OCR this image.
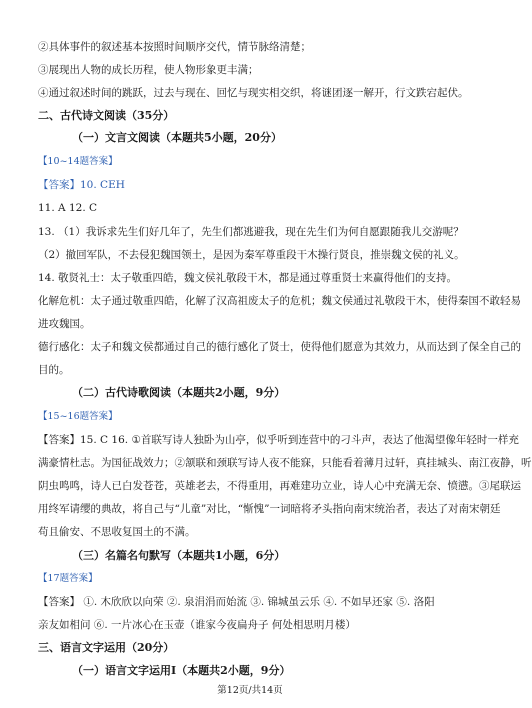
②具体事件的叙述基本按照时间顺序交代，情节脉络清楚；
③展现出人物的成长历程，使人物形象更丰满；
④通过叙述时间的跳跃，过去与现在、回忆与现实相交织，将谜团逐一解开，行文跌宕起伏。
二、古代诗文阅读（35分）
（一）文言文阅读（本题共5小题，20分）
【10~14题答案】
【答案】10. CEH
11. A 12. C
13. （1）我诉求先生们好几年了，先生们都逃避我，现在先生们为何自愿跟随我儿交游呢？
（2）撤回军队，不去侵犯魏国领土，是因为秦军尊重段干木操行贤良，推崇魏文侯的礼义。
14. 敬贤礼士：太子敬重四皓，魏文侯礼敬段干木，都是通过尊重贤士来赢得他们的支持。
化解危机：太子通过敬重四皓，化解了汉高祖废太子的危机；魏文侯通过礼敬段干木，使得秦国不敢轻易
进攻魏国。
德行感化：太子和魏文侯都通过自己的德行感化了贤士，使得他们愿意为其效力，从而达到了保全自己的
目的。
（二）古代诗歌阅读（本题共2小题，9分）
【15~16题答案】
【答案】15. C 16. ①首联写诗人独卧为山亭，似乎听到连营中的刁斗声，表达了他渴望像年轻时一样充
满豪情杜志。为国征战效力；②颔联和颈联写诗人夜不能寐，只能看着薄月过轩，真挂城头、南江夜静，听
阴虫鸣鸣，诗人已白发苍苍，英雄老去，不得重用，再难建功立业，诗人心中充满无奈、愤懑。③尾联运
用终军请缨的典故，将自己与“儿童”对比，“惭愧”一词暗将矛头指向南宋统治者，表达了对南宋朝廷
苟且偷安、不思收复国土的不满。
（三）名篇名句默写（本题共1小题，6分）
【17题答案】
【答案】 ①. 木欣欣以向荣 ②. 泉涓涓而始流 ③. 锦城虽云乐 ④. 不如早还家 ⑤. 洛阳
亲友如相问 ⑥. 一片冰心在玉壶（谁家今夜扁舟子 何处相思明月楼）
三、语言文字运用（20分）
（一）语言文字运用Ⅰ（本题共2小题，9分）
第12页/共14页
